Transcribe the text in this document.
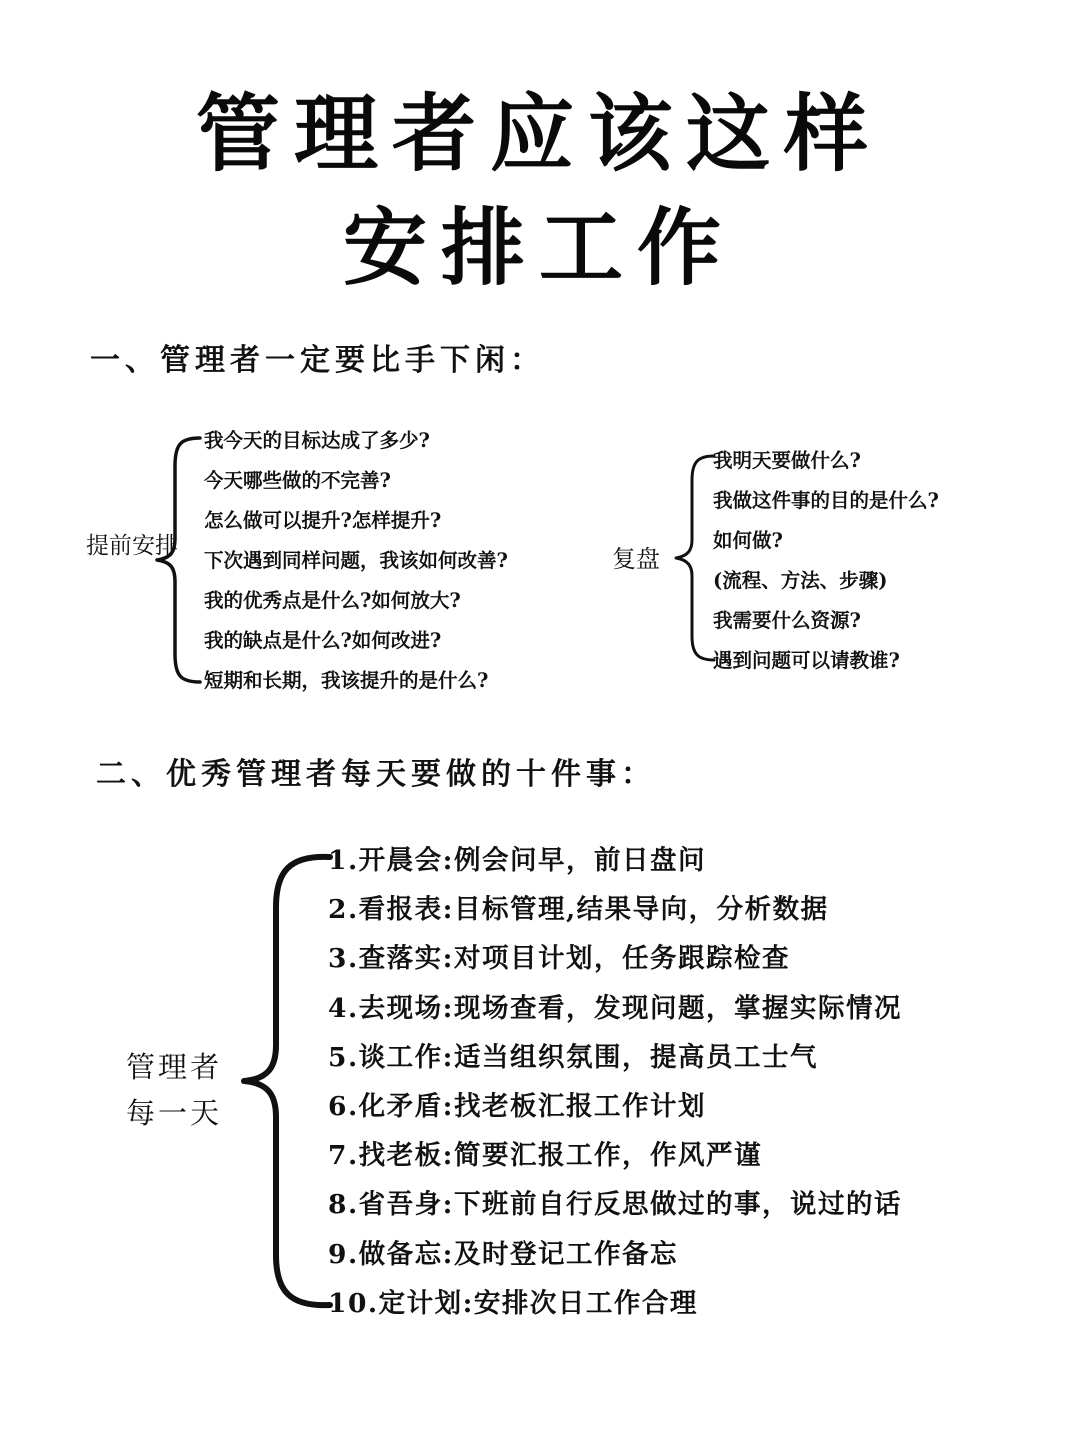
管理者应该这样
安排工作
一、管理者一定要比手下闲：
提前安排
我今天的目标达成了多少?
今天哪些做的不完善?
怎么做可以提升?怎样提升?
下次遇到同样问题，我该如何改善?
我的优秀点是什么?如何放大?
我的缺点是什么?如何改进?
短期和长期，我该提升的是什么?
复盘
我明天要做什么?
我做这件事的目的是什么?
如何做?
(流程、方法、步骤)
我需要什么资源?
遇到问题可以请教谁?
二、优秀管理者每天要做的十件事：
管理者
每一天
1.开晨会:例会问早，前日盘问
2.看报表:目标管理,结果导向，分析数据
3.查落实:对项目计划，任务跟踪检查
4.去现场:现场查看，发现问题，掌握实际情况
5.谈工作:适当组织氛围，提高员工士气
6.化矛盾:找老板汇报工作计划
7.找老板:简要汇报工作，作风严谨
8.省吾身:下班前自行反思做过的事，说过的话
9.做备忘:及时登记工作备忘
10.定计划:安排次日工作合理
